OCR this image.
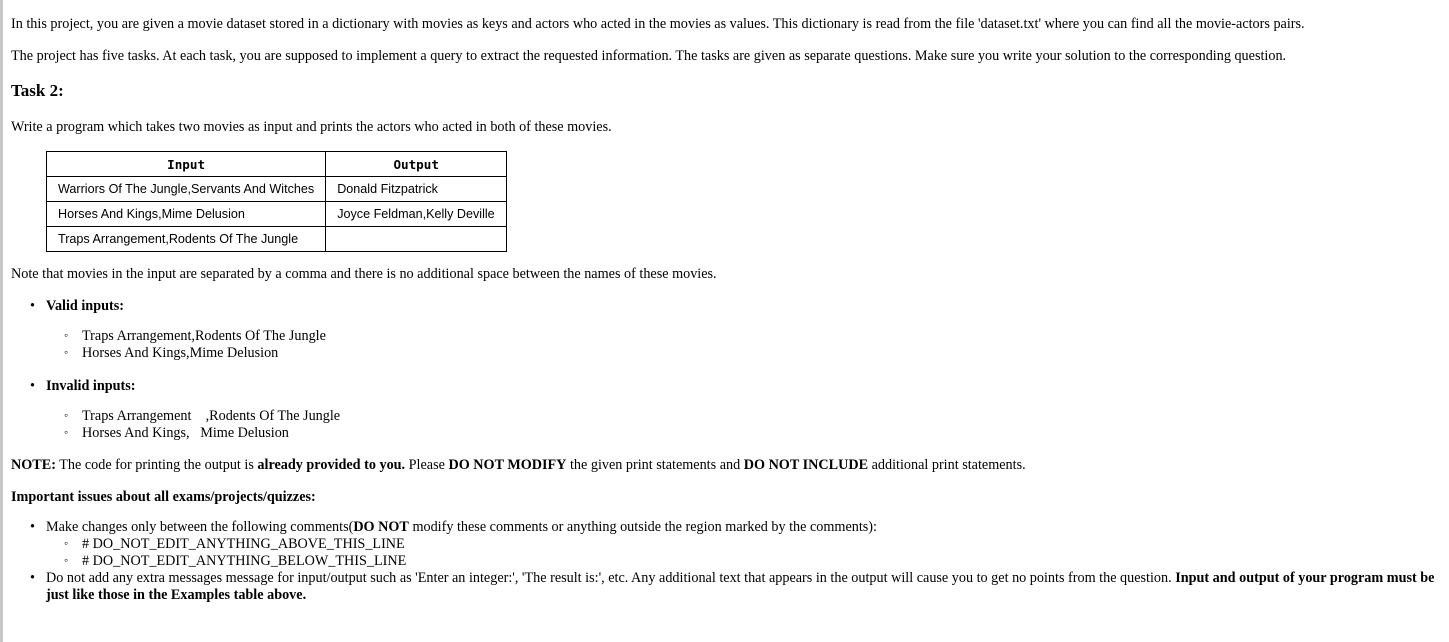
In this project, you are given a movie dataset stored in a dictionary with movies as keys and actors who acted in the movies as values. This dictionary is read from the file 'dataset.txt' where you can find all the movie-actors pairs.

The project has five tasks. At each task, you are supposed to implement a query to extract the requested information. The tasks are given as separate questions. Make sure you write your solution to the corresponding question.

Task 2:

Write a program which takes two movies as input and prints the actors who acted in both of these movies.

Input	Output
Warriors Of The Jungle,Servants And Witches	Donald Fitzpatrick
Horses And Kings,Mime Delusion	Joyce Feldman,Kelly Deville
Traps Arrangement,Rodents Of The Jungle	

Note that movies in the input are separated by a comma and there is no additional space between the names of these movies.

Valid inputs:
Traps Arrangement,Rodents Of The Jungle
Horses And Kings,Mime Delusion
Invalid inputs:
Traps Arrangement    ,Rodents Of The Jungle
Horses And Kings,   Mime Delusion

NOTE: The code for printing the output is already provided to you. Please DO NOT MODIFY the given print statements and DO NOT INCLUDE additional print statements.

Important issues about all exams/projects/quizzes:

Make changes only between the following comments(DO NOT modify these comments or anything outside the region marked by the comments):
# DO_NOT_EDIT_ANYTHING_ABOVE_THIS_LINE
# DO_NOT_EDIT_ANYTHING_BELOW_THIS_LINE
Do not add any extra messages message for input/output such as 'Enter an integer:', 'The result is:', etc. Any additional text that appears in the output will cause you to get no points from the question. Input and output of your program must be just like those in the Examples table above.
